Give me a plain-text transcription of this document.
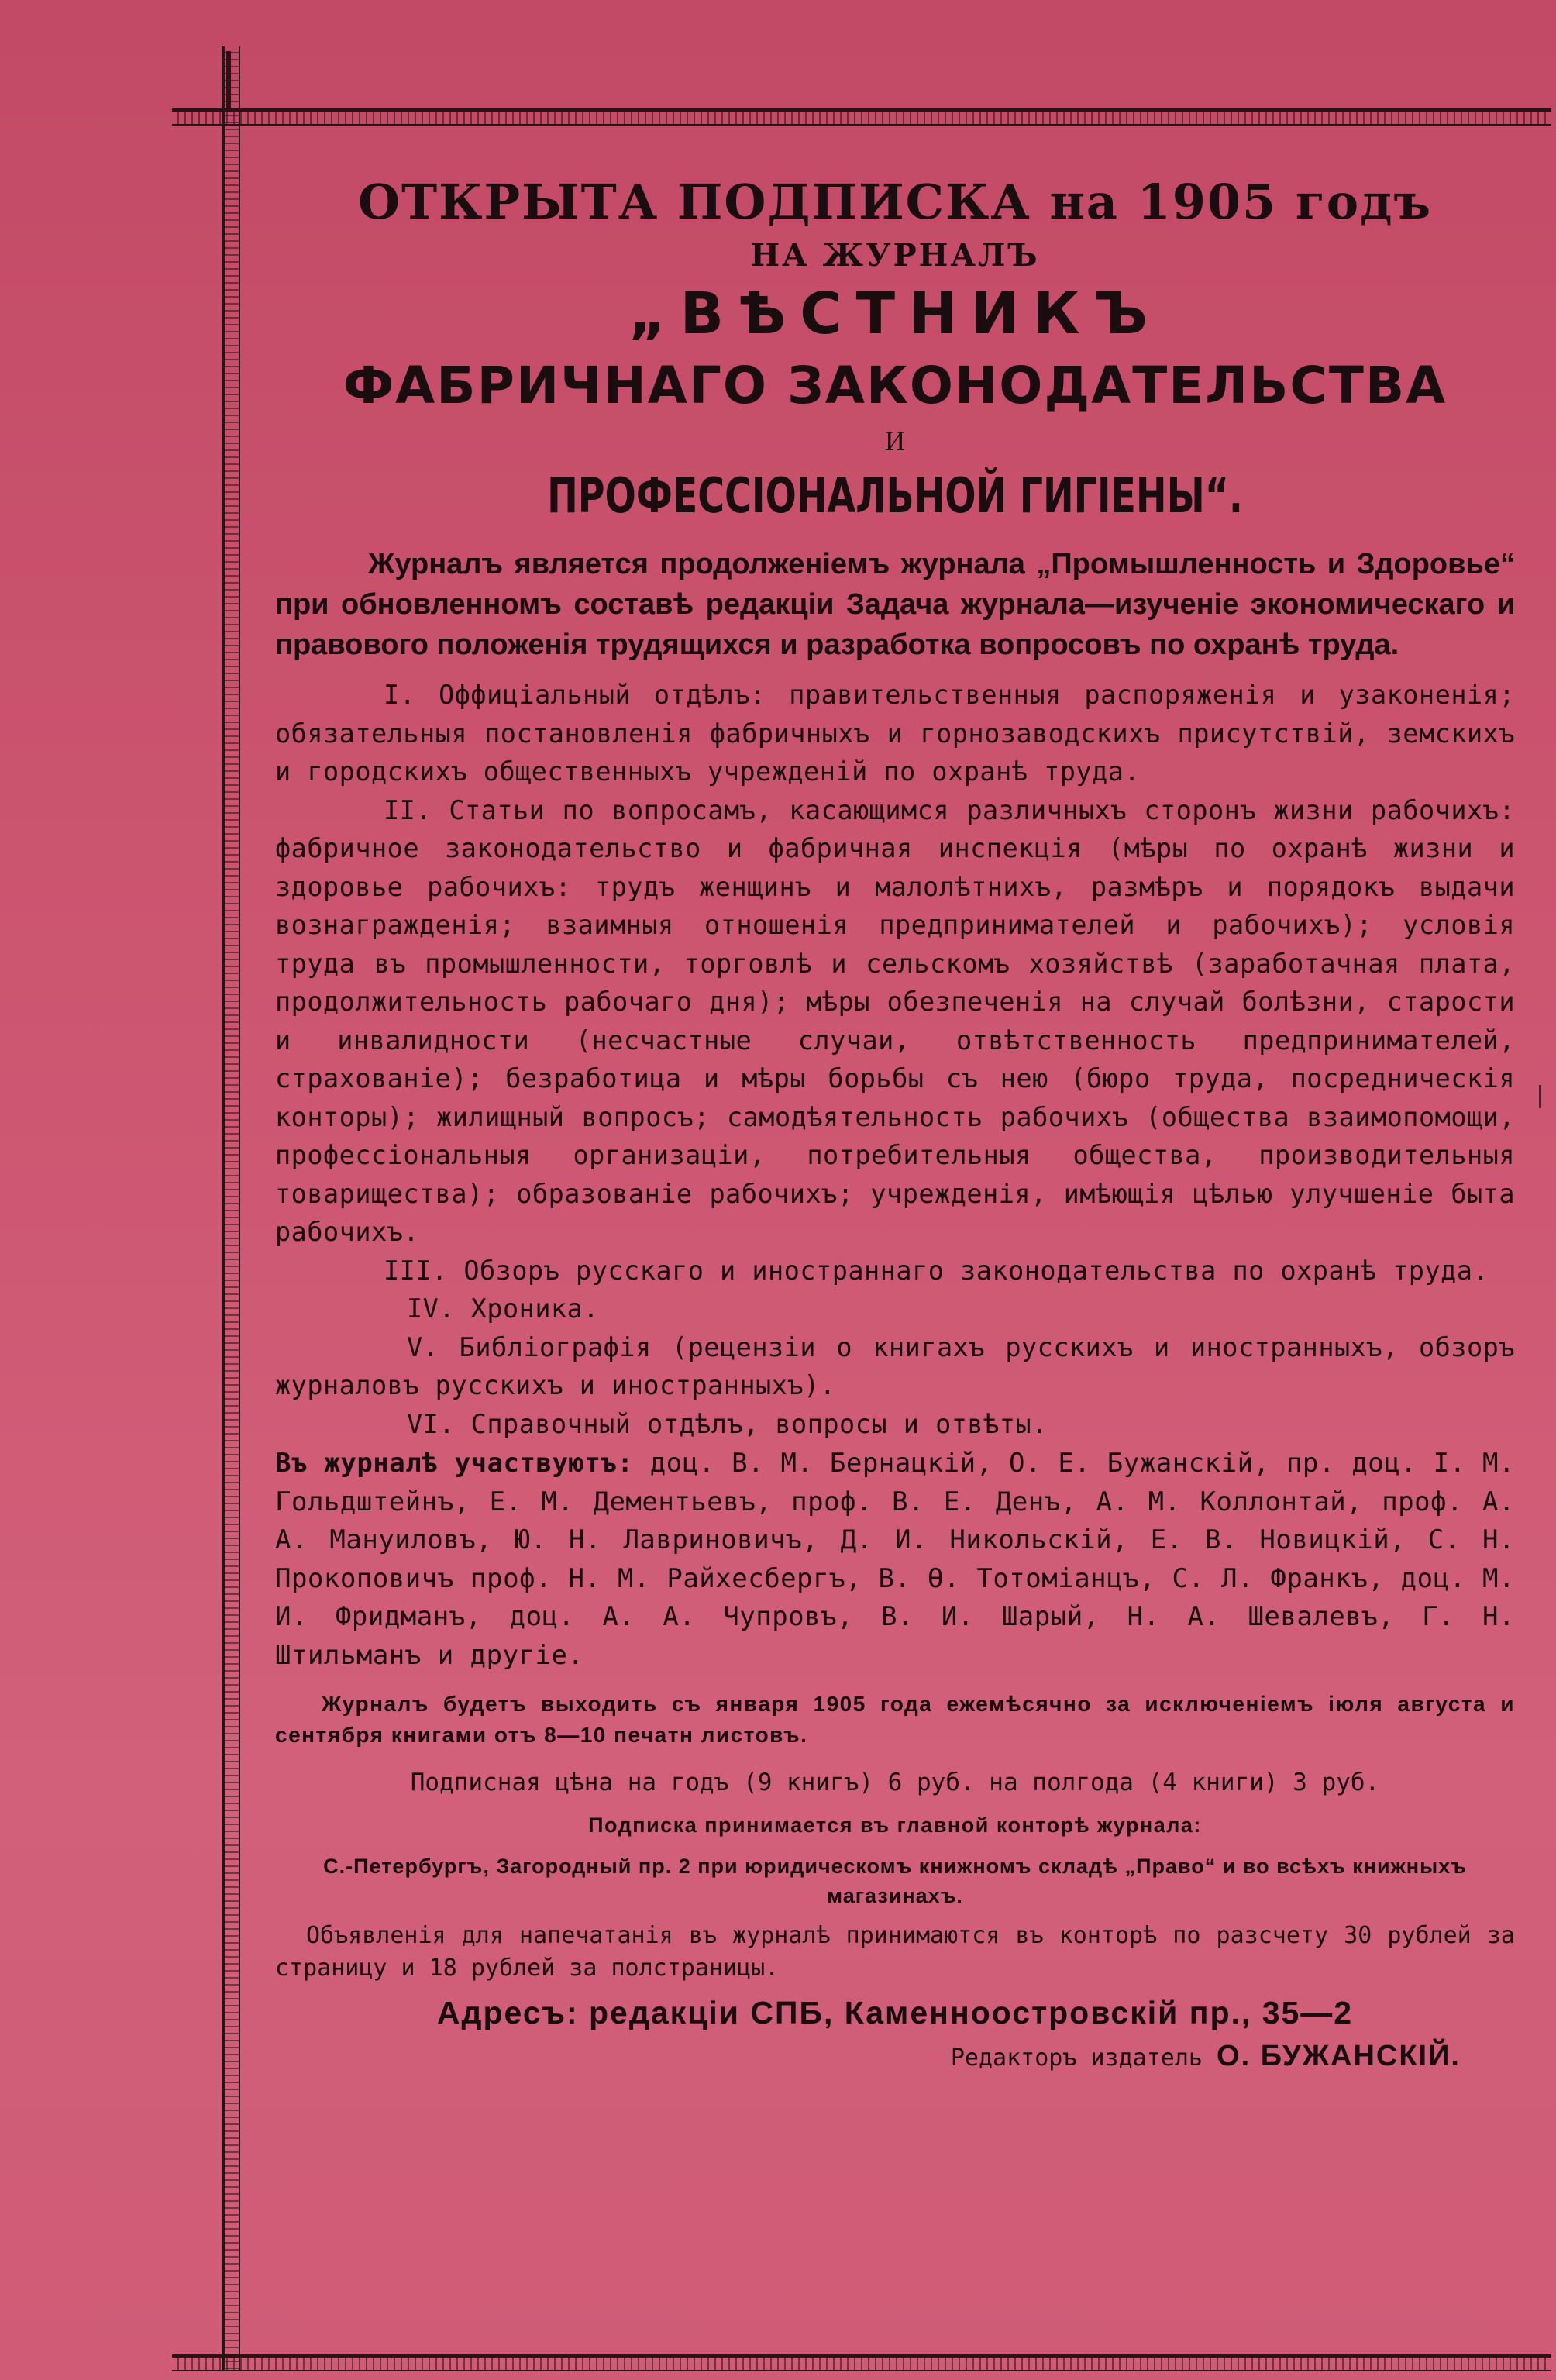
ОТКРЫТА ПОДПИСКА на 1905 годъ
НА ЖУРНАЛЪ
„ВѢСТНИКЪ
ФАБРИЧНАГО ЗАКОНОДАТЕЛЬСТВА
И
ПРОФЕССІОНАЛЬНОЙ ГИГІЕНЫ“.
Журналъ является продолженіемъ журнала „Промышленность и Здоровье“ при обновленномъ составѣ редакціи Задача журнала—изученіе экономическаго и правового положенія трудящихся и разработка вопросовъ по охранѣ труда.

I. Оффиціальный отдѣлъ: правительственныя распоряженія и узаконенія; обязательныя постановленія фабричныхъ и горнозаводскихъ присутствій, земскихъ и городскихъ общественныхъ учрежденій по охранѣ труда.

II. Статьи по вопросамъ, касающимся различныхъ сторонъ жизни рабочихъ: фабричное законодательство и фабричная инспекція (мѣры по охранѣ жизни и здоровье рабочихъ: трудъ женщинъ и малолѣтнихъ, размѣръ и порядокъ выдачи вознагражденія; взаимныя отношенія предпринимателей и рабочихъ); условія труда въ промышленности, торговлѣ и сельскомъ хозяйствѣ (заработачная плата, продолжительность рабочаго дня); мѣры обезпеченія на случай болѣзни, старости и инвалидности (несчастные случаи, отвѣтственность предпринимателей, страхованіе); безработица и мѣры борьбы съ нею (бюро труда, посредническія конторы); жилищный вопросъ; самодѣятельность рабочихъ (общества взаимопомощи, профессіональныя организаціи, потребительныя общества, производительныя товарищества); образованіе рабочихъ; учрежденія, имѣющія цѣлью улучшеніе быта рабочихъ.

III. Обзоръ русскаго и иностраннаго законодательства по охранѣ труда.

IV. Хроника.

V. Библіографія (рецензіи о книгахъ русскихъ и иностранныхъ, обзоръ журналовъ русскихъ и иностранныхъ).

VI. Справочный отдѣлъ, вопросы и отвѣты.

Въ журналѣ участвуютъ: доц. В. М. Бернацкій, О. Е. Бужанскій, пр. доц. І. М. Гольдштейнъ, Е. М. Дементьевъ, проф. В. Е. Денъ, А. М. Коллонтай, проф. А. А. Мануиловъ, Ю. Н. Лавриновичъ, Д. И. Никольскій, Е. В. Новицкій, С. Н. Прокоповичъ проф. Н. М. Райхесбергъ, В. Ѳ. Тотоміанцъ, С. Л. Франкъ, доц. М. И. Фридманъ, доц. А. А. Чупровъ, В. И. Шарый, Н. А. Шевалевъ, Г. Н. Штильманъ и другіе.
Журналъ будетъ выходить съ января 1905 года ежемѣсячно за исключеніемъ іюля августа и сентября книгами отъ 8—10 печатн листовъ.
Подписная цѣна на годъ (9 книгъ) 6 руб. на полгода (4 книги) 3 руб.
Подписка принимается въ главной конторѣ журнала:
С.-Петербургъ, Загородный пр. 2 при юридическомъ книжномъ складѣ „Право“ и во всѣхъ книжныхъ магазинахъ.
Объявленія для напечатанія въ журналѣ принимаются въ конторѣ по разсчету 30 рублей за страницу и 18 рублей за полстраницы.
Адресъ: редакціи СПБ, Каменноостровскій пр., 35—2
Редакторъ издатель О. БУЖАНСКІЙ.
